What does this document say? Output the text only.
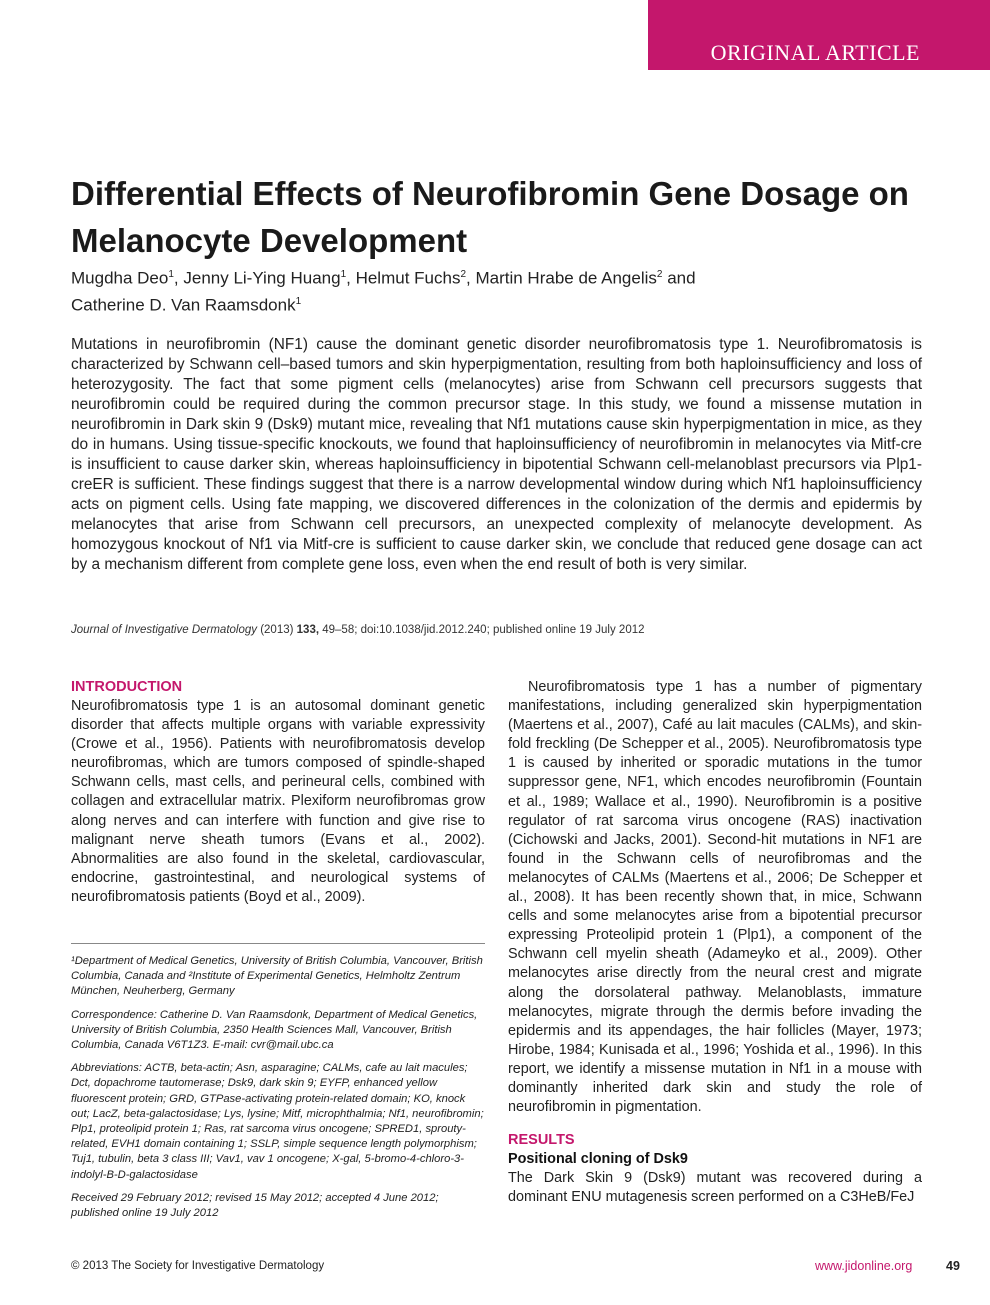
ORIGINAL ARTICLE
Differential Effects of Neurofibromin Gene Dosage on Melanocyte Development
Mugdha Deo$^1$, Jenny Li-Ying Huang$^1$, Helmut Fuchs$^2$, Martin Hrabe de Angelis$^2$ and
Catherine D. Van Raamsdonk$^1$

Mutations in neurofibromin (NF1) cause the dominant genetic disorder neurofibromatosis type 1. Neurofibromatosis is characterized by Schwann cell–based tumors and skin hyperpigmentation, resulting from both haploinsufficiency and loss of heterozygosity. The fact that some pigment cells (melanocytes) arise from Schwann cell precursors suggests that neurofibromin could be required during the common precursor stage. In this study, we found a missense mutation in neurofibromin in Dark skin 9 (Dsk9) mutant mice, revealing that Nf1 mutations cause skin hyperpigmentation in mice, as they do in humans. Using tissue-specific knockouts, we found that haploinsufficiency of neurofibromin in melanocytes via Mitf-cre is insufficient to cause darker skin, whereas haploinsufficiency in bipotential Schwann cell-melanoblast precursors via Plp1-creER is sufficient. These findings suggest that there is a narrow developmental window during which Nf1 haploinsufficiency acts on pigment cells. Using fate mapping, we discovered differences in the colonization of the dermis and epidermis by melanocytes that arise from Schwann cell precursors, an unexpected complexity of melanocyte development. As homozygous knockout of Nf1 via Mitf-cre is sufficient to cause darker skin, we conclude that reduced gene dosage can act by a mechanism different from complete gene loss, even when the end result of both is very similar.

Journal of Investigative Dermatology (2013) 133, 49–58; doi:10.1038/jid.2012.240; published online 19 July 2012
INTRODUCTION

Neurofibromatosis type 1 is an autosomal dominant genetic disorder that affects multiple organs with variable expressivity (Crowe et al., 1956). Patients with neurofibromatosis develop neurofibromas, which are tumors composed of spindle-shaped Schwann cells, mast cells, and perineural cells, combined with collagen and extracellular matrix. Plexiform neurofibromas grow along nerves and can interfere with function and give rise to malignant nerve sheath tumors (Evans et al., 2002). Abnormalities are also found in the skeletal, cardiovascular, endocrine, gastrointestinal, and neurological systems of neurofibromatosis patients (Boyd et al., 2009).

¹Department of Medical Genetics, University of British Columbia, Vancouver, British Columbia, Canada and ²Institute of Experimental Genetics, Helmholtz Zentrum München, Neuherberg, Germany

Correspondence: Catherine D. Van Raamsdonk, Department of Medical Genetics, University of British Columbia, 2350 Health Sciences Mall, Vancouver, British Columbia, Canada V6T1Z3. E-mail: cvr@mail.ubc.ca

Abbreviations: ACTB, beta-actin; Asn, asparagine; CALMs, cafe au lait macules; Dct, dopachrome tautomerase; Dsk9, dark skin 9; EYFP, enhanced yellow fluorescent protein; GRD, GTPase-activating protein-related domain; KO, knock out; LacZ, beta-galactosidase; Lys, lysine; Mitf, microphthalmia; Nf1, neurofibromin; Plp1, proteolipid protein 1; Ras, rat sarcoma virus oncogene; SPRED1, sprouty-related, EVH1 domain containing 1; SSLP, simple sequence length polymorphism; Tuj1, tubulin, beta 3 class III; Vav1, vav 1 oncogene; X-gal, 5-bromo-4-chloro-3-indolyl-B-D-galactosidase

Received 29 February 2012; revised 15 May 2012; accepted 4 June 2012; published online 19 July 2012

Neurofibromatosis type 1 has a number of pigmentary manifestations, including generalized skin hyperpigmentation (Maertens et al., 2007), Café au lait macules (CALMs), and skin-fold freckling (De Schepper et al., 2005). Neurofibromatosis type 1 is caused by inherited or sporadic mutations in the tumor suppressor gene, NF1, which encodes neurofibromin (Fountain et al., 1989; Wallace et al., 1990). Neurofibromin is a positive regulator of rat sarcoma virus oncogene (RAS) inactivation (Cichowski and Jacks, 2001). Second-hit mutations in NF1 are found in the Schwann cells of neurofibromas and the melanocytes of CALMs (Maertens et al., 2006; De Schepper et al., 2008). It has been recently shown that, in mice, Schwann cells and some melanocytes arise from a bipotential precursor expressing Proteolipid protein 1 (Plp1), a component of the Schwann cell myelin sheath (Adameyko et al., 2009). Other melanocytes arise directly from the neural crest and migrate along the dorsolateral pathway. Melanoblasts, immature melanocytes, migrate through the dermis before invading the epidermis and its appendages, the hair follicles (Mayer, 1973; Hirobe, 1984; Kunisada et al., 1996; Yoshida et al., 1996). In this report, we identify a missense mutation in Nf1 in a mouse with dominantly inherited dark skin and study the role of neurofibromin in pigmentation.

RESULTS
Positional cloning of Dsk9

The Dark Skin 9 (Dsk9) mutant was recovered during a dominant ENU mutagenesis screen performed on a C3HeB/FeJ

© 2013 The Society for Investigative Dermatology	www.jidonline.org	49
